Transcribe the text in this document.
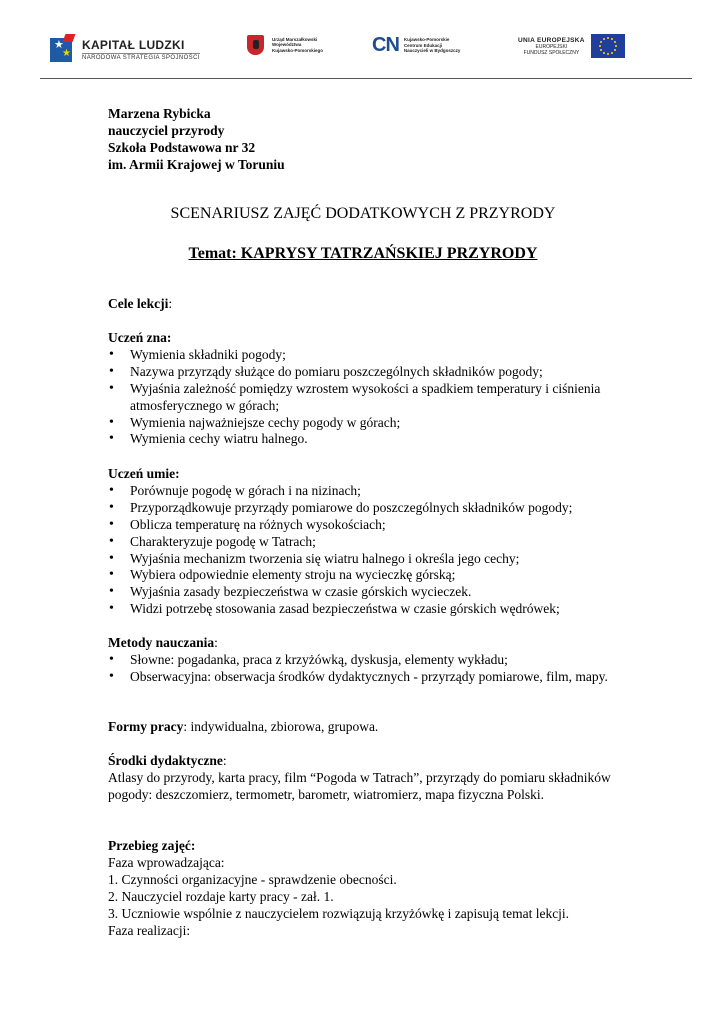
★
★
KAPITAŁ LUDZKI
NARODOWA STRATEGIA SPÓJNOŚCI
Urząd Marszałkowski
Województwa
Kujawsko-Pomorskiego CN Kujawsko-Pomorskie
Centrum Edukacji
Nauczycieli w Bydgoszczy
UNIA EUROPEJSKA
EUROPEJSKI
FUNDUSZ SPOŁECZNY
Marzena Rybicka
nauczyciel przyrody
Szkoła Podstawowa nr 32
im. Armii Krajowej w Toruniu
SCENARIUSZ ZAJĘĆ DODATKOWYCH Z PRZYRODY
Temat: KAPRYSY TATRZAŃSKIEJ PRZYRODY
Cele lekcji:
Uczeń zna:
• Wymienia składniki pogody;
• Nazywa przyrządy służące do pomiaru poszczególnych składników pogody;
• Wyjaśnia zależność pomiędzy wzrostem wysokości a spadkiem temperatury i ciśnienia atmosferycznego w górach;
• Wymienia najważniejsze cechy pogody w górach;
• Wymienia cechy wiatru halnego.
Uczeń umie:
• Porównuje pogodę w górach i na nizinach;
• Przyporządkowuje przyrządy pomiarowe do poszczególnych składników pogody;
• Oblicza temperaturę na różnych wysokościach;
• Charakteryzuje pogodę w Tatrach;
• Wyjaśnia mechanizm tworzenia się wiatru halnego i określa jego cechy;
• Wybiera odpowiednie elementy stroju na wycieczkę górską;
• Wyjaśnia zasady bezpieczeństwa w czasie górskich wycieczek.
• Widzi potrzebę stosowania zasad bezpieczeństwa w czasie górskich wędrówek;
Metody nauczania:
• Słowne: pogadanka, praca z krzyżówką, dyskusja, elementy wykładu;
• Obserwacyjna: obserwacja środków dydaktycznych - przyrządy pomiarowe, film, mapy.
Formy pracy: indywidualna, zbiorowa, grupowa.
Środki dydaktyczne:

Atlasy do przyrody, karta pracy, film “Pogoda w Tatrach”, przyrządy do pomiaru składników pogody: deszczomierz, termometr, barometr, wiatromierz, mapa fizyczna Polski.

Przebieg zajęć:
Faza wprowadzająca:
1. Czynności organizacyjne - sprawdzenie obecności.
2. Nauczyciel rozdaje karty pracy - zał. 1.
3. Uczniowie wspólnie z nauczycielem rozwiązują krzyżówkę i zapisują temat lekcji.
Faza realizacji:
